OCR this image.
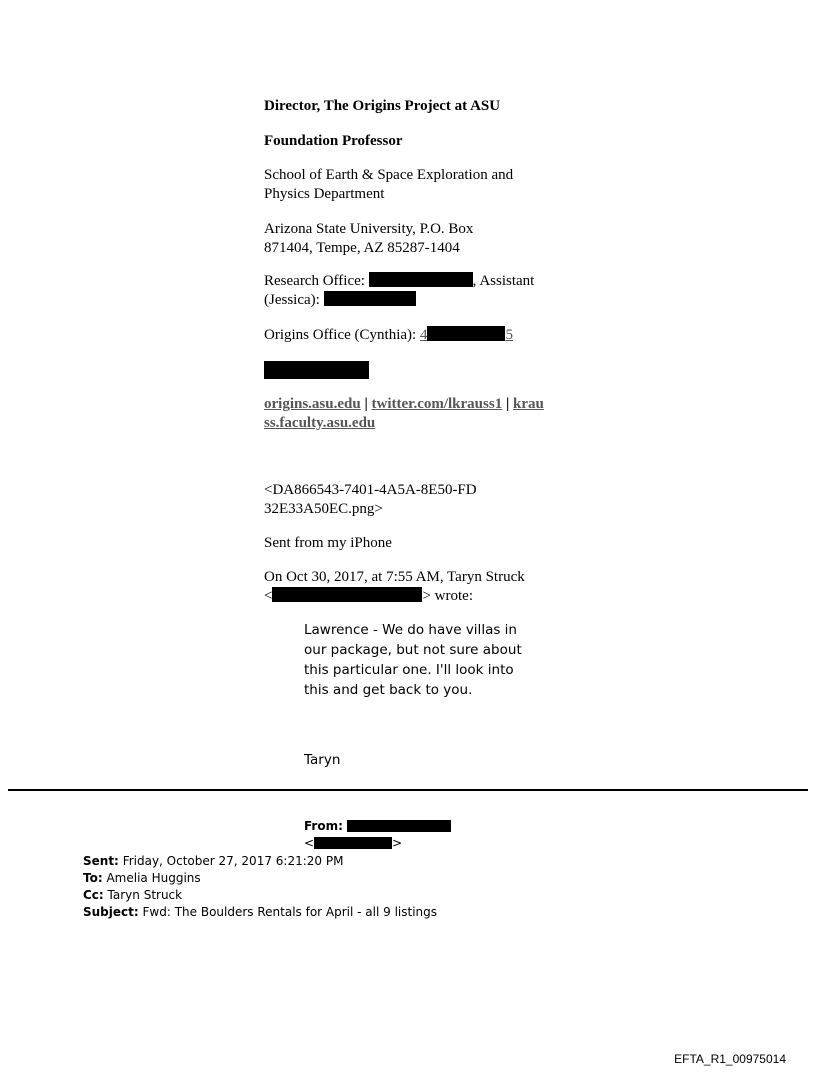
Director, The Origins Project at ASU
Foundation Professor
School of Earth & Space Exploration and Physics Department
Arizona State University, P.O. Box 871404, Tempe, AZ 85287-1404
Research Office:	, Assistant (Jessica):
Origins Office (Cynthia): 4	5
origins.asu.edu | twitter.com/lkrauss1 | krauss.faculty.asu.edu
<DA866543-7401-4A5A-8E50-FD32E33A50EC.png>
Sent from my iPhone
On Oct 30, 2017, at 7:55 AM, Taryn Struck
<	> wrote:
Lawrence - We do have villas in our package, but not sure about this particular one. I'll look into this and get back to you.
Taryn
From:
<	>
Sent: Friday, October 27, 2017 6:21:20 PM
To: Amelia Huggins
Cc: Taryn Struck
Subject: Fwd: The Boulders Rentals for April - all 9 listings
EFTA_R1_00975014
